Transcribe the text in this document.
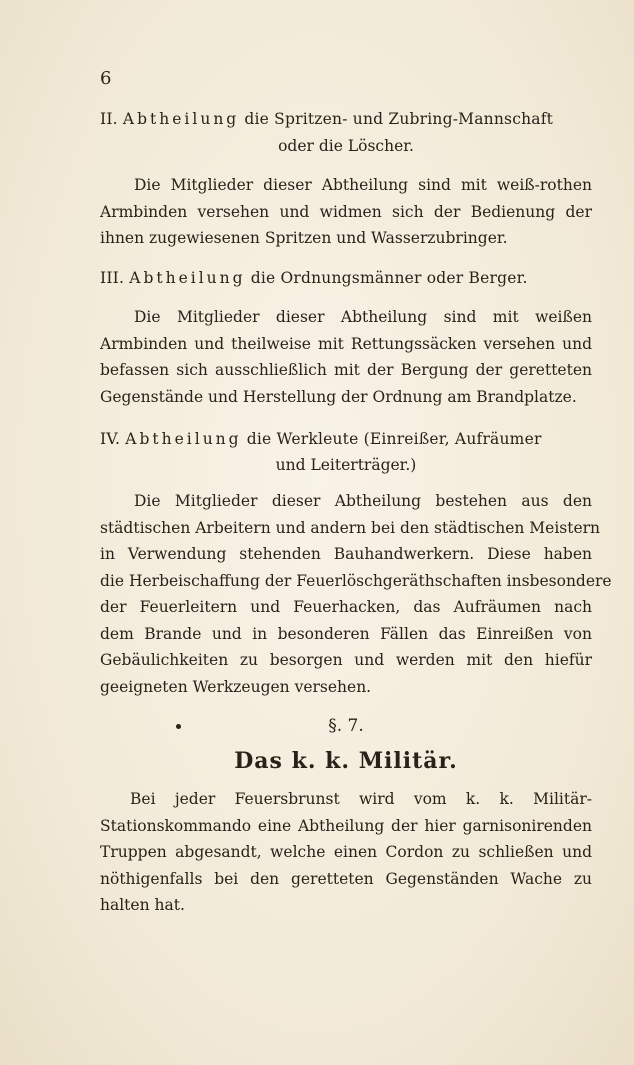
6
II. Abtheilung die Spritzen- und Zubring-Mannschaft
oder die Löscher.
Die Mitglieder dieser Abtheilung sind mit weiß-rothen
Armbinden versehen und widmen sich der Bedienung der
ihnen zugewiesenen Spritzen und Wasserzubringer.
III. Abtheilung die Ordnungsmänner oder Berger.
Die Mitglieder dieser Abtheilung sind mit weißen
Armbinden und theilweise mit Rettungssäcken versehen und
befassen sich ausschließlich mit der Bergung der geretteten
Gegenstände und Herstellung der Ordnung am Brandplatze.
IV. Abtheilung die Werkleute (Einreißer, Aufräumer
und Leiterträger.)
Die Mitglieder dieser Abtheilung bestehen aus den
städtischen Arbeitern und andern bei den städtischen Meistern
in Verwendung stehenden Bauhandwerkern. Diese haben
die Herbeischaffung der Feuerlöschgeräthschaften insbesondere
der Feuerleitern und Feuerhacken, das Aufräumen nach
dem Brande und in besonderen Fällen das Einreißen von
Gebäulichkeiten zu besorgen und werden mit den hiefür
geeigneten Werkzeugen versehen.
§. 7.
Das k. k. Militär.
Bei jeder Feuersbrunst wird vom k. k. Militär-
Stationskommando eine Abtheilung der hier garnisonirenden
Truppen abgesandt, welche einen Cordon zu schließen und
nöthigenfalls bei den geretteten Gegenständen Wache zu
halten hat.
